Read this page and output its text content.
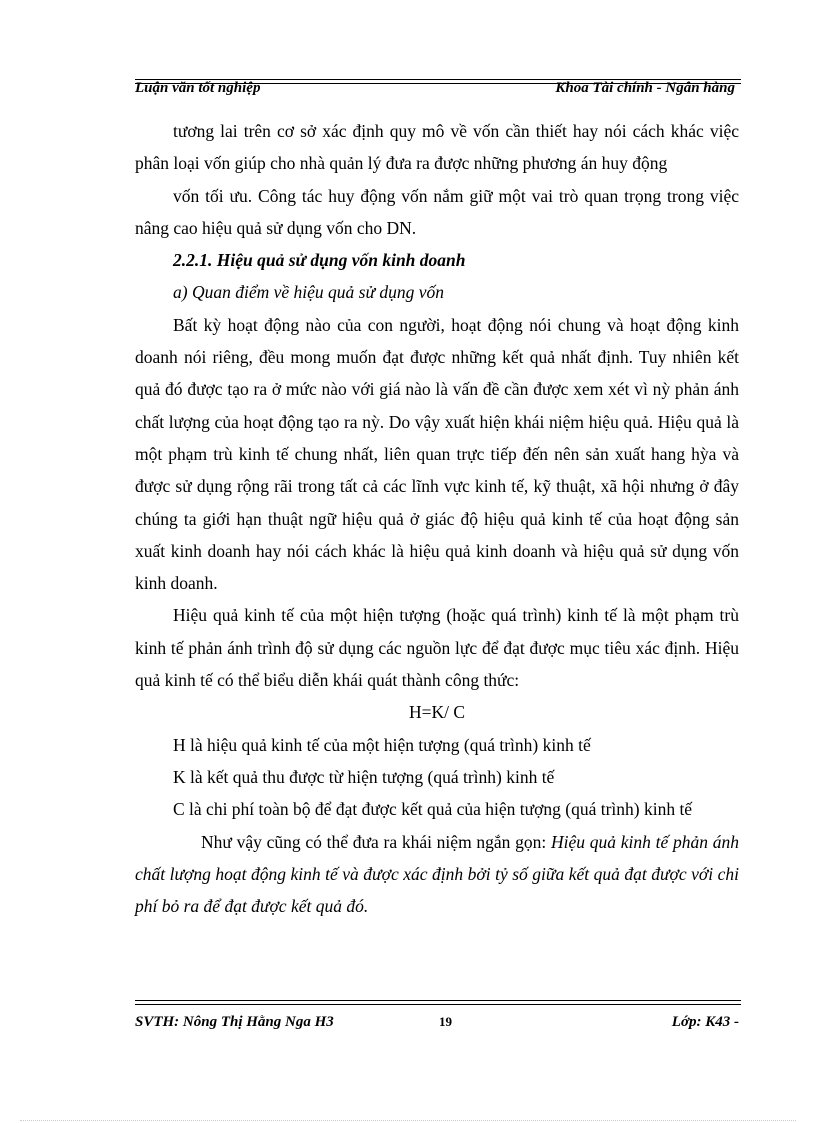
Luận văn tốt nghiệp	Khoa Tài chính - Ngân hàng

tương lai trên cơ sở xác định quy mô về vốn cần thiết hay nói cách khác việc phân loại vốn giúp cho nhà quản lý đưa ra được những phương án huy động

vốn tối ưu. Công tác huy động vốn nắm giữ một vai trò quan trọng trong việc nâng cao hiệu quả sử dụng vốn cho DN.

2.2.1. Hiệu quả sử dụng vốn kinh doanh

a) Quan điểm về hiệu quả sử dụng vốn

Bất kỳ hoạt động nào của con người, hoạt động nói chung và hoạt động kinh doanh nói riêng, đều mong muốn đạt được những kết quả nhất định. Tuy nhiên kết quả đó được tạo ra ở mức nào với giá nào là vấn đề cần được xem xét vì nỳ phản ánh chất lượng của hoạt động tạo ra nỳ. Do vậy xuất hiện khái niệm hiệu quả. Hiệu quả là một phạm trù kinh tế chung nhất, liên quan trực tiếp đến nên sản xuất hang hỳa và được sử dụng rộng rãi trong tất cả các lĩnh vực kinh tế, kỹ thuật, xã hội nhưng ở đây chúng ta giới hạn thuật ngữ hiệu quả ở giác độ hiệu quả kinh tế của hoạt động sản xuất kinh doanh hay nói cách khác là hiệu quả kinh doanh và hiệu quả sử dụng vốn kinh doanh.

Hiệu quả kinh tế của một hiện tượng (hoặc quá trình) kinh tế là một phạm trù kinh tế phản ánh trình độ sử dụng các nguồn lực để đạt được mục tiêu xác định. Hiệu quả kinh tế có thể biểu diễn khái quát thành công thức:

H=K/ C

H là hiệu quả kinh tế của một hiện tượng (quá trình) kinh tế

K là kết quả thu được từ hiện tượng (quá trình) kinh tế

C là chi phí toàn bộ để đạt được kết quả của hiện tượng (quá trình) kinh tế

Như vậy cũng có thể đưa ra khái niệm ngắn gọn: Hiệu quả kinh tế phản ánh chất lượng hoạt động kinh tế và được xác định bởi tỷ số giữa kết quả đạt được với chi phí bỏ ra để đạt được kết quả đó.

SVTH: Nông Thị Hằng Nga H3	19	Lớp: K43 -
